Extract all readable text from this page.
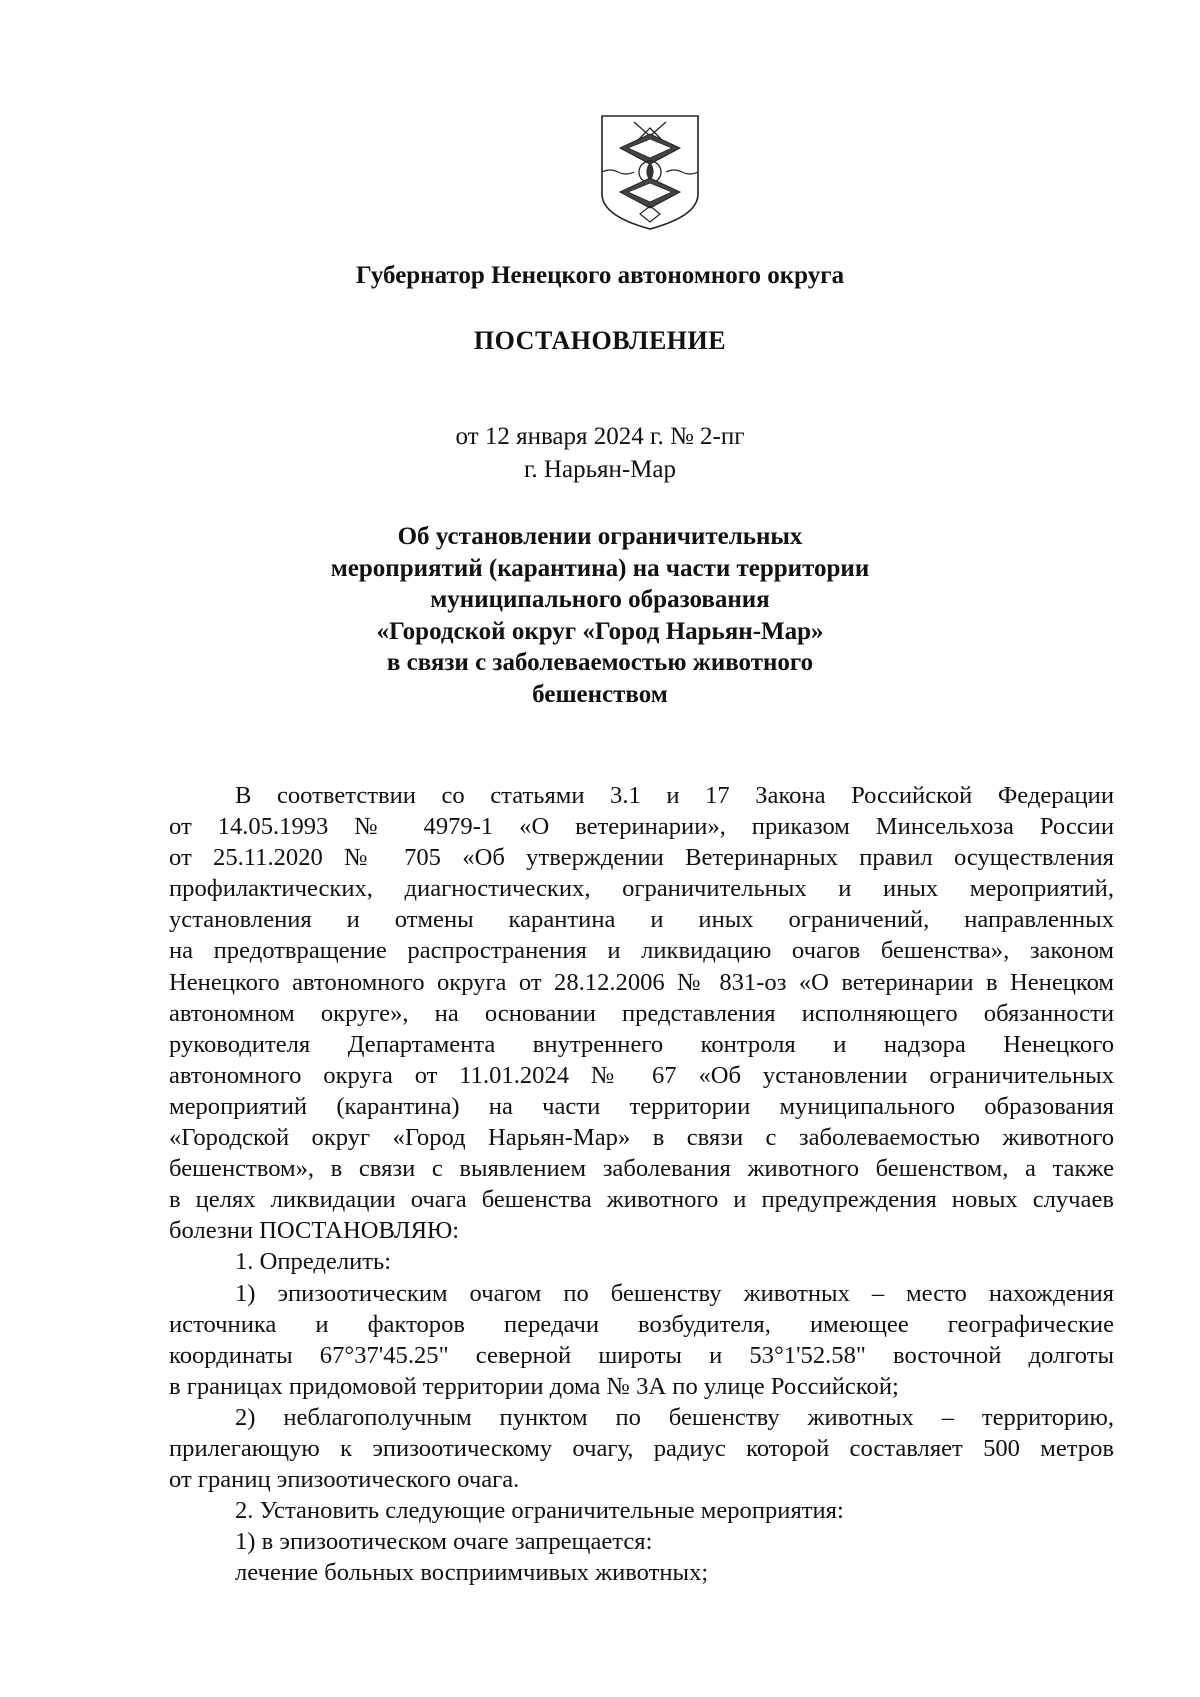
Губернатор Ненецкого автономного округа
ПОСТАНОВЛЕНИЕ
от 12 января 2024 г. № 2-пг
г. Нарьян-Мар
Об установлении ограничительных
мероприятий (карантина) на части территории
муниципального образования
«Городской округ «Город Нарьян-Мар»
в связи с заболеваемостью животного
бешенством
В соответствии со статьями 3.1 и 17 Закона Российской Федерации
от 14.05.1993 № 4979-1 «О ветеринарии», приказом Минсельхоза России
от 25.11.2020 № 705 «Об утверждении Ветеринарных правил осуществления
профилактических, диагностических, ограничительных и иных мероприятий,
установления и отмены карантина и иных ограничений, направленных
на предотвращение распространения и ликвидацию очагов бешенства», законом
Ненецкого автономного округа от 28.12.2006 № 831-оз «О ветеринарии в Ненецком
автономном округе», на основании представления исполняющего обязанности
руководителя Департамента внутреннего контроля и надзора Ненецкого
автономного округа от 11.01.2024 № 67 «Об установлении ограничительных
мероприятий (карантина) на части территории муниципального образования
«Городской округ «Город Нарьян-Мар» в связи с заболеваемостью животного
бешенством», в связи с выявлением заболевания животного бешенством, а также
в целях ликвидации очага бешенства животного и предупреждения новых случаев
болезни ПОСТАНОВЛЯЮ:
1. Определить:
1) эпизоотическим очагом по бешенству животных – место нахождения
источника и факторов передачи возбудителя, имеющее географические
координаты 67°37'45.25" северной широты и 53°1'52.58" восточной долготы
в границах придомовой территории дома № 3А по улице Российской;
2) неблагополучным пунктом по бешенству животных – территорию,
прилегающую к эпизоотическому очагу, радиус которой составляет 500 метров
от границ эпизоотического очага.
2. Установить следующие ограничительные мероприятия:
1) в эпизоотическом очаге запрещается:
лечение больных восприимчивых животных;
